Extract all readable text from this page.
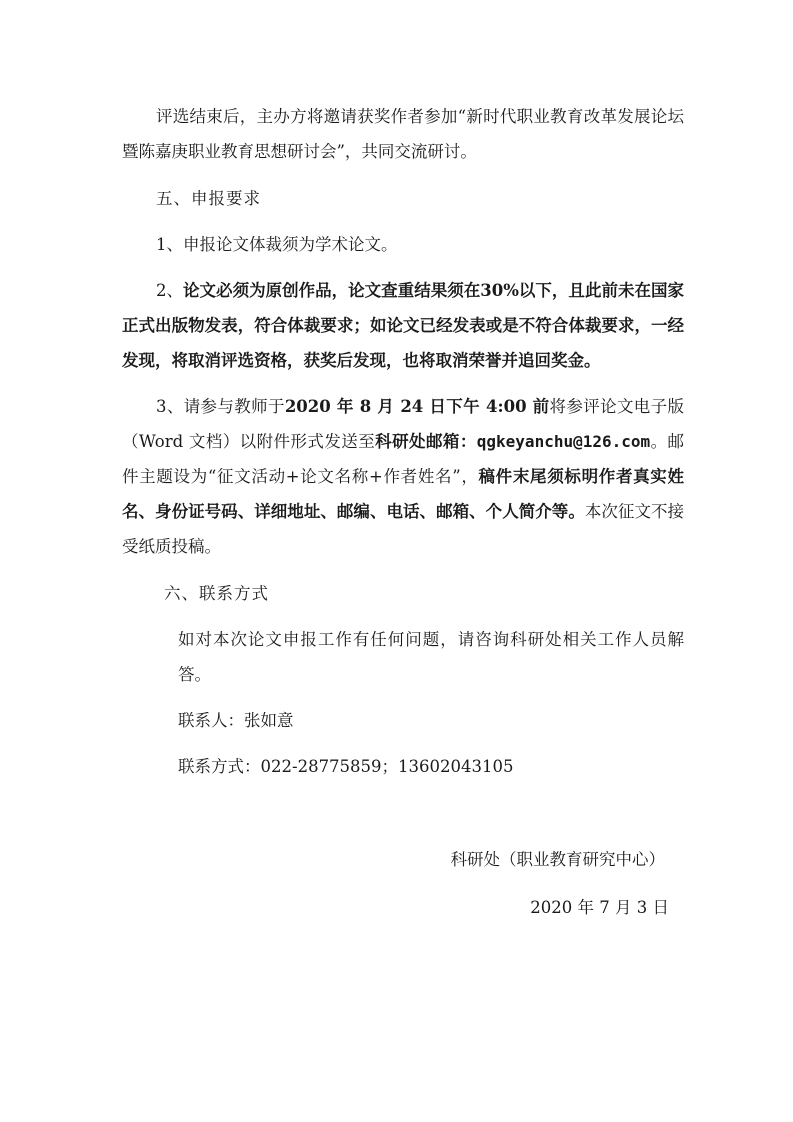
评选结束后，主办方将邀请获奖作者参加“新时代职业教育改革发展论坛暨陈嘉庚职业教育思想研讨会”，共同交流研讨。

五、申报要求

1、申报论文体裁须为学术论文。

2、论文必须为原创作品，论文查重结果须在30%以下，且此前未在国家正式出版物发表，符合体裁要求；如论文已经发表或是不符合体裁要求，一经发现，将取消评选资格，获奖后发现，也将取消荣誉并追回奖金。

3、请参与教师于2020 年 8 月 24 日下午 4:00 前将参评论文电子版（Word 文档）以附件形式发送至科研处邮箱：qgkeyanchu@126.com。邮件主题设为“征文活动+论文名称+作者姓名”，稿件末尾须标明作者真实姓名、身份证号码、详细地址、邮编、电话、邮箱、个人简介等。本次征文不接受纸质投稿。

六、联系方式

如对本次论文申报工作有任何问题，请咨询科研处相关工作人员解答。

联系人：张如意

联系方式：022-28775859；13602043105

科研处（职业教育研究中心）
2020 年 7 月 3 日
